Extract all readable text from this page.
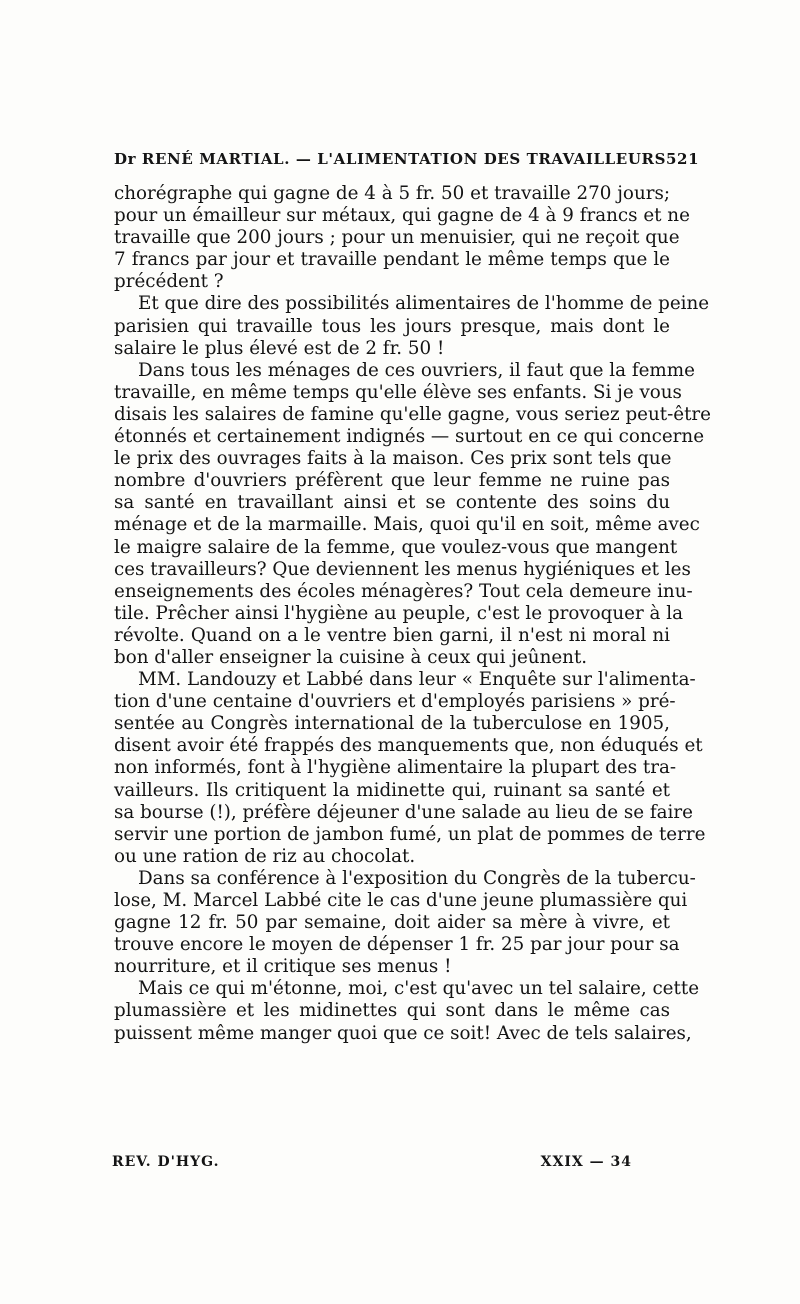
Dr RENÉ MARTIAL. — L'ALIMENTATION DES TRAVAILLEURS 521

chorégraphe qui gagne de 4 à 5 fr. 50 et travaille 270 jours;
pour un émailleur sur métaux, qui gagne de 4 à 9 francs et ne
travaille que 200 jours ; pour un menuisier, qui ne reçoit que
7 francs par jour et travaille pendant le même temps que le
précédent ?

Et que dire des possibilités alimentaires de l'homme de peine
parisien qui travaille tous les jours presque, mais dont le
salaire le plus élevé est de 2 fr. 50 !

Dans tous les ménages de ces ouvriers, il faut que la femme
travaille, en même temps qu'elle élève ses enfants. Si je vous
disais les salaires de famine qu'elle gagne, vous seriez peut-être
étonnés et certainement indignés — surtout en ce qui concerne
le prix des ouvrages faits à la maison. Ces prix sont tels que
nombre d'ouvriers préfèrent que leur femme ne ruine pas
sa santé en travaillant ainsi et se contente des soins du
ménage et de la marmaille. Mais, quoi qu'il en soit, même avec
le maigre salaire de la femme, que voulez-vous que mangent
ces travailleurs? Que deviennent les menus hygiéniques et les
enseignements des écoles ménagères? Tout cela demeure inu-
tile. Prêcher ainsi l'hygiène au peuple, c'est le provoquer à la
révolte. Quand on a le ventre bien garni, il n'est ni moral ni
bon d'aller enseigner la cuisine à ceux qui jeûnent.

MM. Landouzy et Labbé dans leur « Enquête sur l'alimenta-
tion d'une centaine d'ouvriers et d'employés parisiens » pré-
sentée au Congrès international de la tuberculose en 1905,
disent avoir été frappés des manquements que, non éduqués et
non informés, font à l'hygiène alimentaire la plupart des tra-
vailleurs. Ils critiquent la midinette qui, ruinant sa santé et
sa bourse (!), préfère déjeuner d'une salade au lieu de se faire
servir une portion de jambon fumé, un plat de pommes de terre
ou une ration de riz au chocolat.

Dans sa conférence à l'exposition du Congrès de la tubercu-
lose, M. Marcel Labbé cite le cas d'une jeune plumassière qui
gagne 12 fr. 50 par semaine, doit aider sa mère à vivre, et
trouve encore le moyen de dépenser 1 fr. 25 par jour pour sa
nourriture, et il critique ses menus !

Mais ce qui m'étonne, moi, c'est qu'avec un tel salaire, cette
plumassière et les midinettes qui sont dans le même cas
puissent même manger quoi que ce soit! Avec de tels salaires,

REV. D'HYG.	XXIX — 34
